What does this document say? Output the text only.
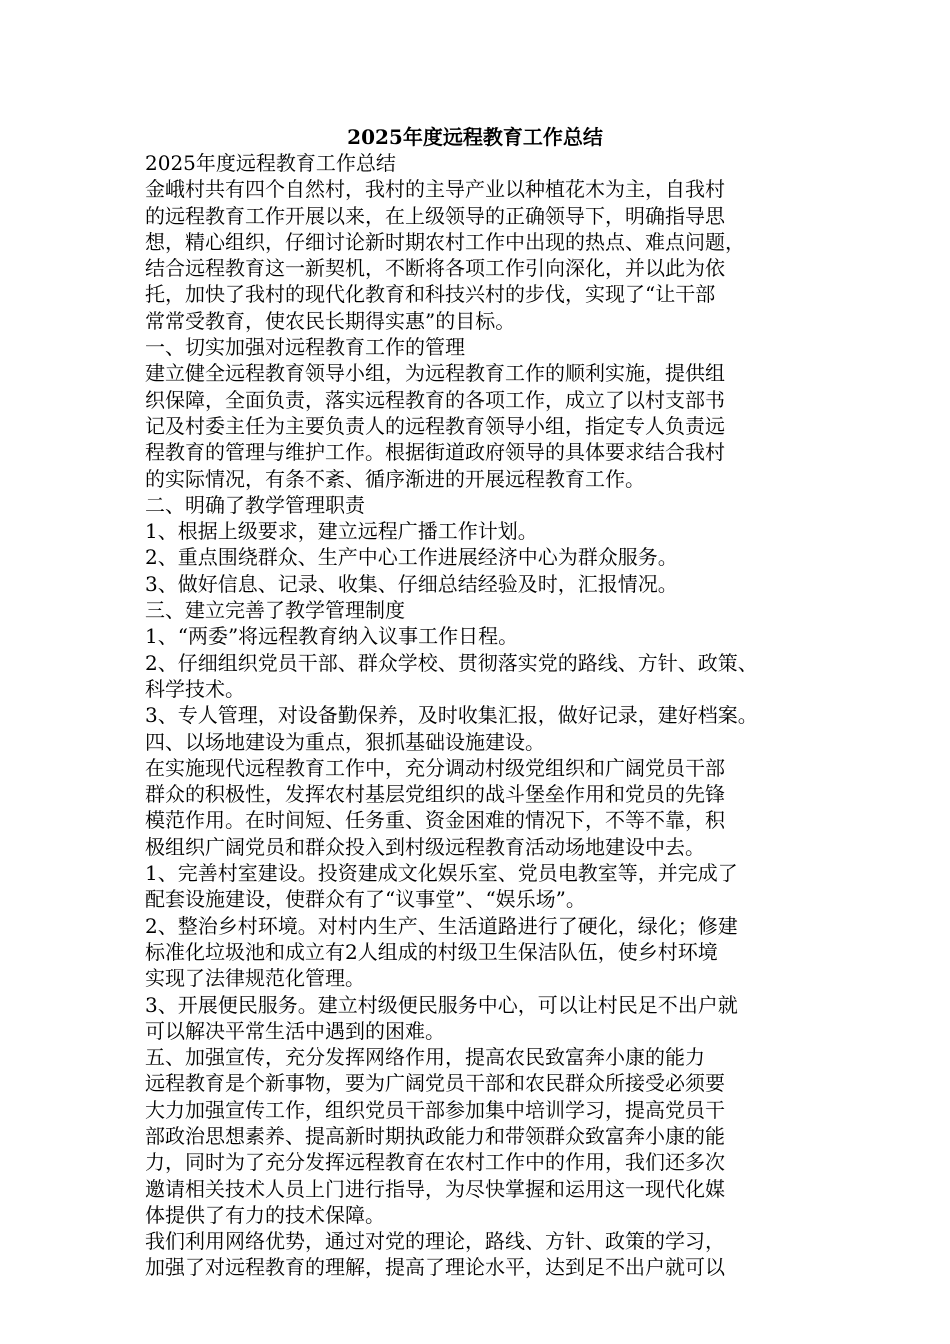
2025年度远程教育工作总结
2025年度远程教育工作总结
金峨村共有四个自然村，我村的主导产业以种植花木为主，自我村
的远程教育工作开展以来，在上级领导的正确领导下，明确指导思
想，精心组织，仔细讨论新时期农村工作中出现的热点、难点问题，
结合远程教育这一新契机，不断将各项工作引向深化，并以此为依
托，加快了我村的现代化教育和科技兴村的步伐，实现了“让干部
常常受教育，使农民长期得实惠”的目标。
一、切实加强对远程教育工作的管理
建立健全远程教育领导小组，为远程教育工作的顺利实施，提供组
织保障，全面负责，落实远程教育的各项工作，成立了以村支部书
记及村委主任为主要负责人的远程教育领导小组，指定专人负责远
程教育的管理与维护工作。根据街道政府领导的具体要求结合我村
的实际情况，有条不紊、循序渐进的开展远程教育工作。
二、明确了教学管理职责
1、根据上级要求，建立远程广播工作计划。
2、重点围绕群众、生产中心工作进展经济中心为群众服务。
3、做好信息、记录、收集、仔细总结经验及时，汇报情况。
三、建立完善了教学管理制度
1、“两委”将远程教育纳入议事工作日程。
2、仔细组织党员干部、群众学校、贯彻落实党的路线、方针、政策、
科学技术。
3、专人管理，对设备勤保养，及时收集汇报，做好记录，建好档案。
四、以场地建设为重点，狠抓基础设施建设。
在实施现代远程教育工作中，充分调动村级党组织和广阔党员干部
群众的积极性，发挥农村基层党组织的战斗堡垒作用和党员的先锋
模范作用。在时间短、任务重、资金困难的情况下，不等不靠，积
极组织广阔党员和群众投入到村级远程教育活动场地建设中去。
1、完善村室建设。投资建成文化娱乐室、党员电教室等，并完成了
配套设施建设，使群众有了“议事堂”、“娱乐场”。
2、整治乡村环境。对村内生产、生活道路进行了硬化，绿化；修建
标准化垃圾池和成立有2人组成的村级卫生保洁队伍，使乡村环境
实现了法律规范化管理。
3、开展便民服务。建立村级便民服务中心，可以让村民足不出户就
可以解决平常生活中遇到的困难。
五、加强宣传，充分发挥网络作用，提高农民致富奔小康的能力
远程教育是个新事物，要为广阔党员干部和农民群众所接受必须要
大力加强宣传工作，组织党员干部参加集中培训学习，提高党员干
部政治思想素养、提高新时期执政能力和带领群众致富奔小康的能
力，同时为了充分发挥远程教育在农村工作中的作用，我们还多次
邀请相关技术人员上门进行指导，为尽快掌握和运用这一现代化媒
体提供了有力的技术保障。
我们利用网络优势，通过对党的理论，路线、方针、政策的学习，
加强了对远程教育的理解，提高了理论水平，达到足不出户就可以
